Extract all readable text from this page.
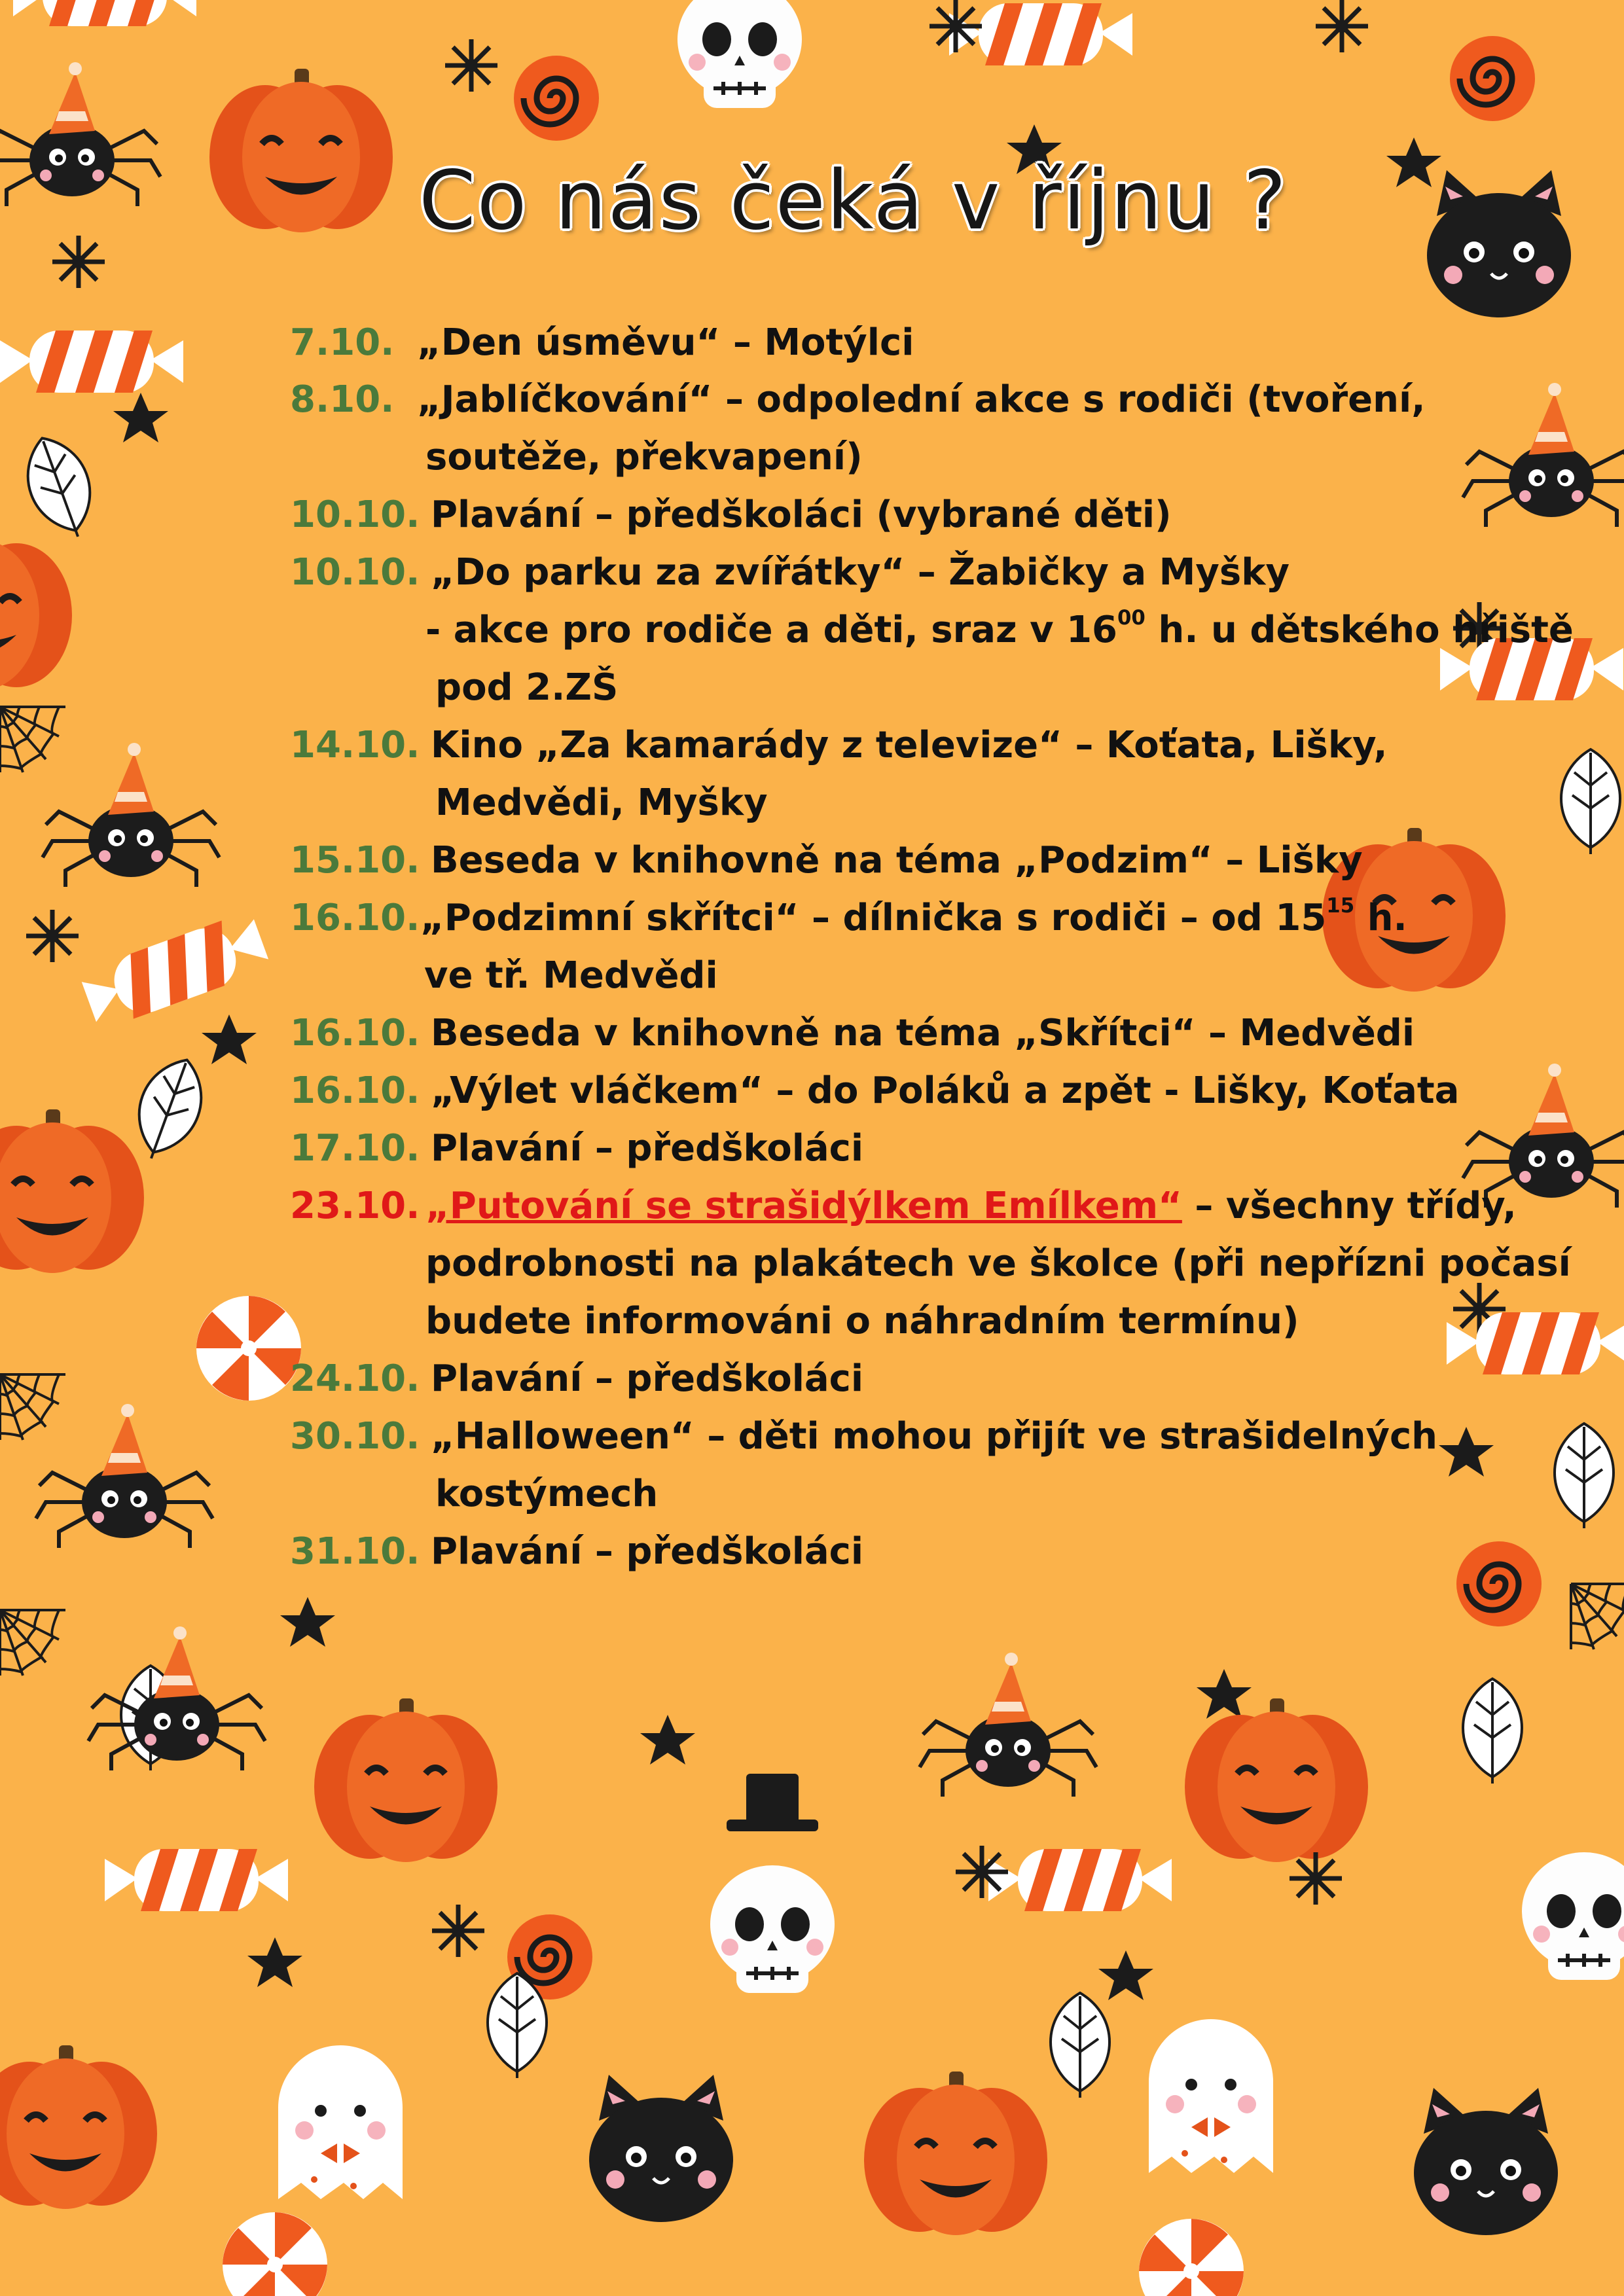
Co nás čeká v říjnu ?
7.10. „Den úsměvu“ – Motýlci
8.10. „Jablíčkování“ – odpolední akce s rodiči (tvoření,
soutěže, překvapení)
10.10. Plavání – předškoláci (vybrané děti)
10.10. „Do parku za zvířátky“ – Žabičky a Myšky
- akce pro rodiče a děti, sraz v $16^{00}$ h. u dětského hřiště
pod 2.ZŠ
14.10. Kino „Za kamarády z televize“ – Koťata, Lišky,
Medvědi, Myšky
15.10. Beseda v knihovně na téma „Podzim“ – Lišky
16.10. „Podzimní skřítci“ – dílnička s rodiči – od $15^{15}$ h.
ve tř. Medvědi
16.10. Beseda v knihovně na téma „Skřítci“ – Medvědi
16.10. „Výlet vláčkem“ – do Poláků a zpět - Lišky, Koťata
17.10. Plavání – předškoláci
23.10. „Putování se strašidýlkem Emílkem“ – všechny třídy,
podrobnosti na plakátech ve školce (při nepřízni počasí
budete informováni o náhradním termínu)
24.10. Plavání – předškoláci
30.10. „Halloween“ – děti mohou přijít ve strašidelných
kostýmech
31.10. Plavání – předškoláci
